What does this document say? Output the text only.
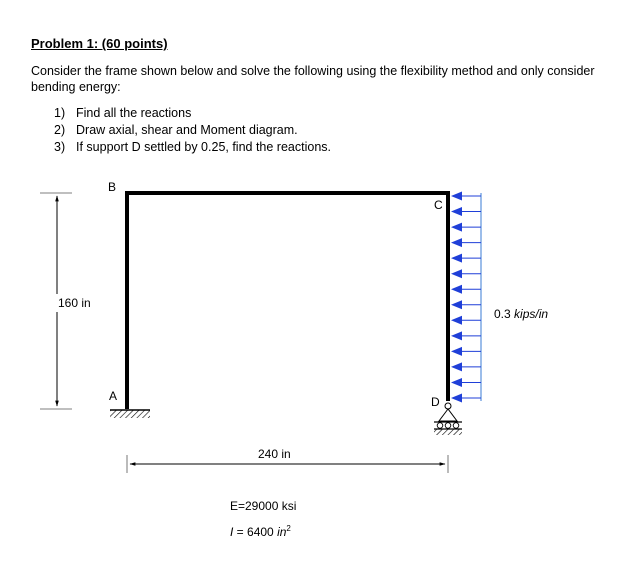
Problem 1: (60 points)
Consider the frame shown below and solve the following using the flexibility method and only consider bending energy:
1) Find all the reactions
2) Draw axial, shear and Moment diagram.
3) If support D settled by 0.25, find the reactions.
160 in
B
C
A	D
0.3 kips/in
240 in
E=29000 ksi
I = 6400 $in^2$
